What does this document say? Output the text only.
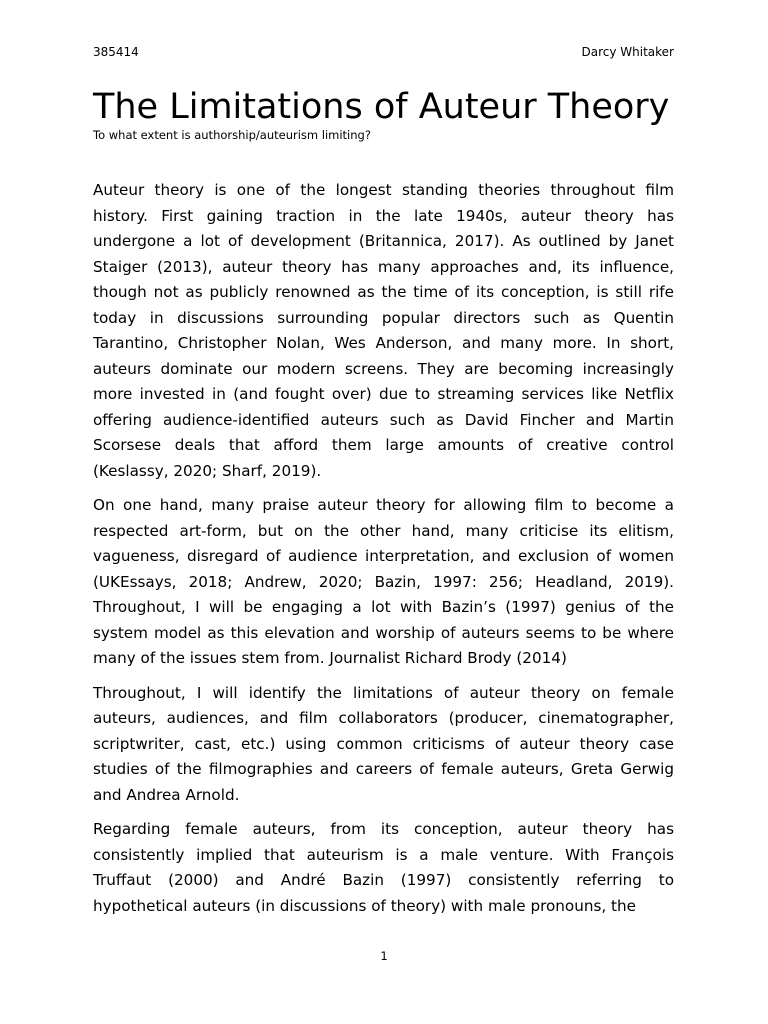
385414	Darcy Whitaker
The Limitations of Auteur Theory

To what extent is authorship/auteurism limiting?

Auteur theory is one of the longest standing theories throughout film history. First gaining traction in the late 1940s, auteur theory has undergone a lot of development (Britannica, 2017). As outlined by Janet Staiger (2013), auteur theory has many approaches and, its influence, though not as publicly renowned as the time of its conception, is still rife today in discussions surrounding popular directors such as Quentin Tarantino, Christopher Nolan, Wes Anderson, and many more. In short, auteurs dominate our modern screens. They are becoming increasingly more invested in (and fought over) due to streaming services like Netflix offering audience-identified auteurs such as David Fincher and Martin Scorsese deals that afford them large amounts of creative control (Keslassy, 2020; Sharf, 2019).

On one hand, many praise auteur theory for allowing film to become a respected art-form, but on the other hand, many criticise its elitism, vagueness, disregard of audience interpretation, and exclusion of women (UKEssays, 2018; Andrew, 2020; Bazin, 1997: 256; Headland, 2019). Throughout, I will be engaging a lot with Bazin’s (1997) genius of the system model as this elevation and worship of auteurs seems to be where many of the issues stem from. Journalist Richard Brody (2014)

Throughout, I will identify the limitations of auteur theory on female auteurs, audiences, and film collaborators (producer, cinematographer, scriptwriter, cast, etc.) using common criticisms of auteur theory case studies of the filmographies and careers of female auteurs, Greta Gerwig and Andrea Arnold.

Regarding female auteurs, from its conception, auteur theory has consistently implied that auteurism is a male venture. With François Truffaut (2000) and André Bazin (1997) consistently referring to hypothetical auteurs (in discussions of theory) with male pronouns, the

1
